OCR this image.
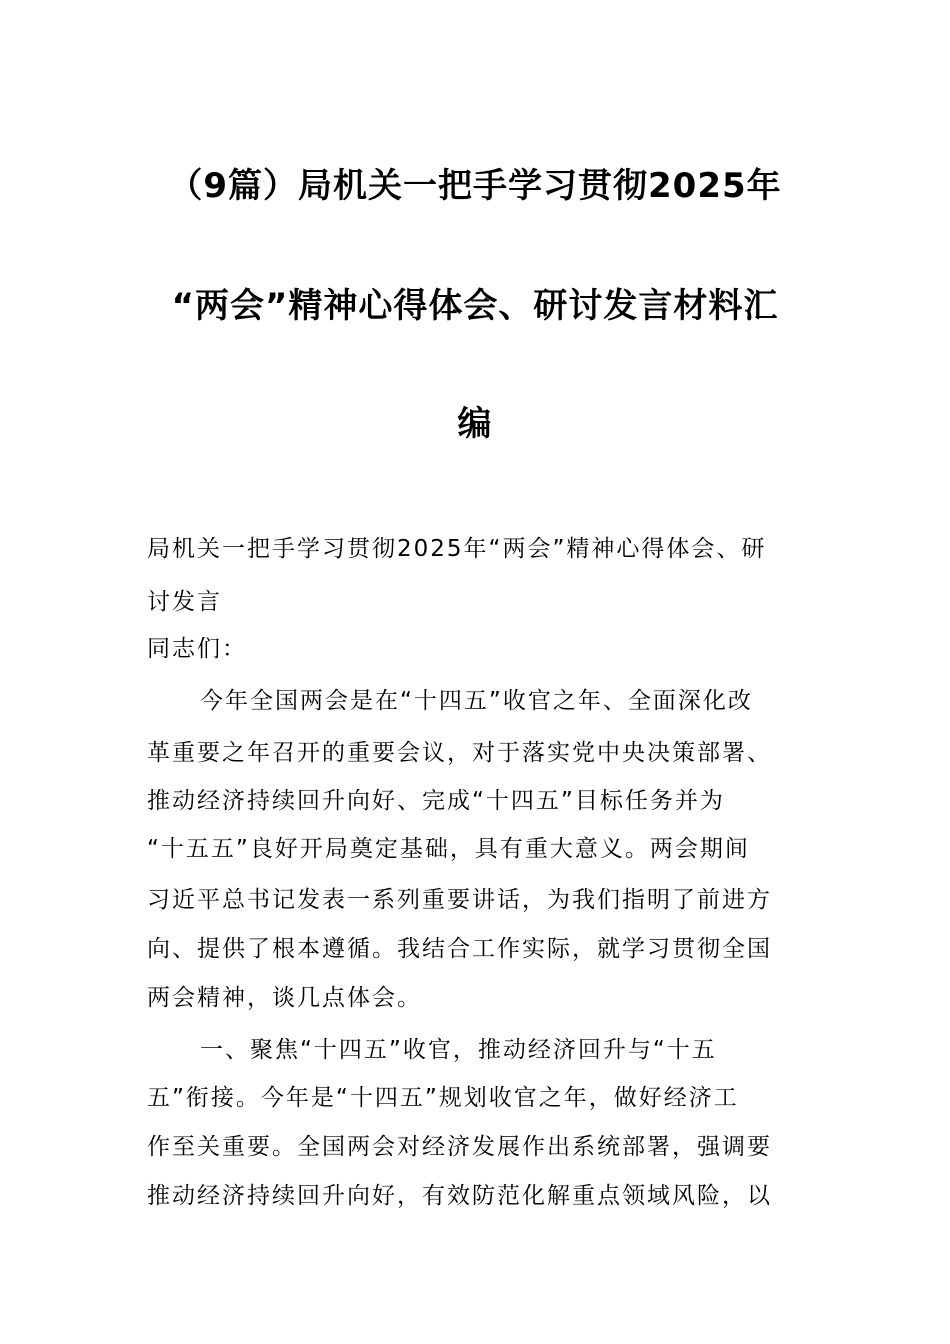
（9篇）局机关一把手学习贯彻2025年
“两会”精神心得体会、研讨发言材料汇
编
局机关一把手学习贯彻2025年“两会”精神心得体会、研
讨发言
同志们：
今年全国两会是在“十四五”收官之年、全面深化改
革重要之年召开的重要会议，对于落实党中央决策部署、
推动经济持续回升向好、完成“十四五”目标任务并为
“十五五”良好开局奠定基础，具有重大意义。两会期间
习近平总书记发表一系列重要讲话，为我们指明了前进方
向、提供了根本遵循。我结合工作实际，就学习贯彻全国
两会精神，谈几点体会。
一、聚焦“十四五”收官，推动经济回升与“十五
五”衔接。今年是“十四五”规划收官之年，做好经济工
作至关重要。全国两会对经济发展作出系统部署，强调要
推动经济持续回升向好，有效防范化解重点领域风险，以
